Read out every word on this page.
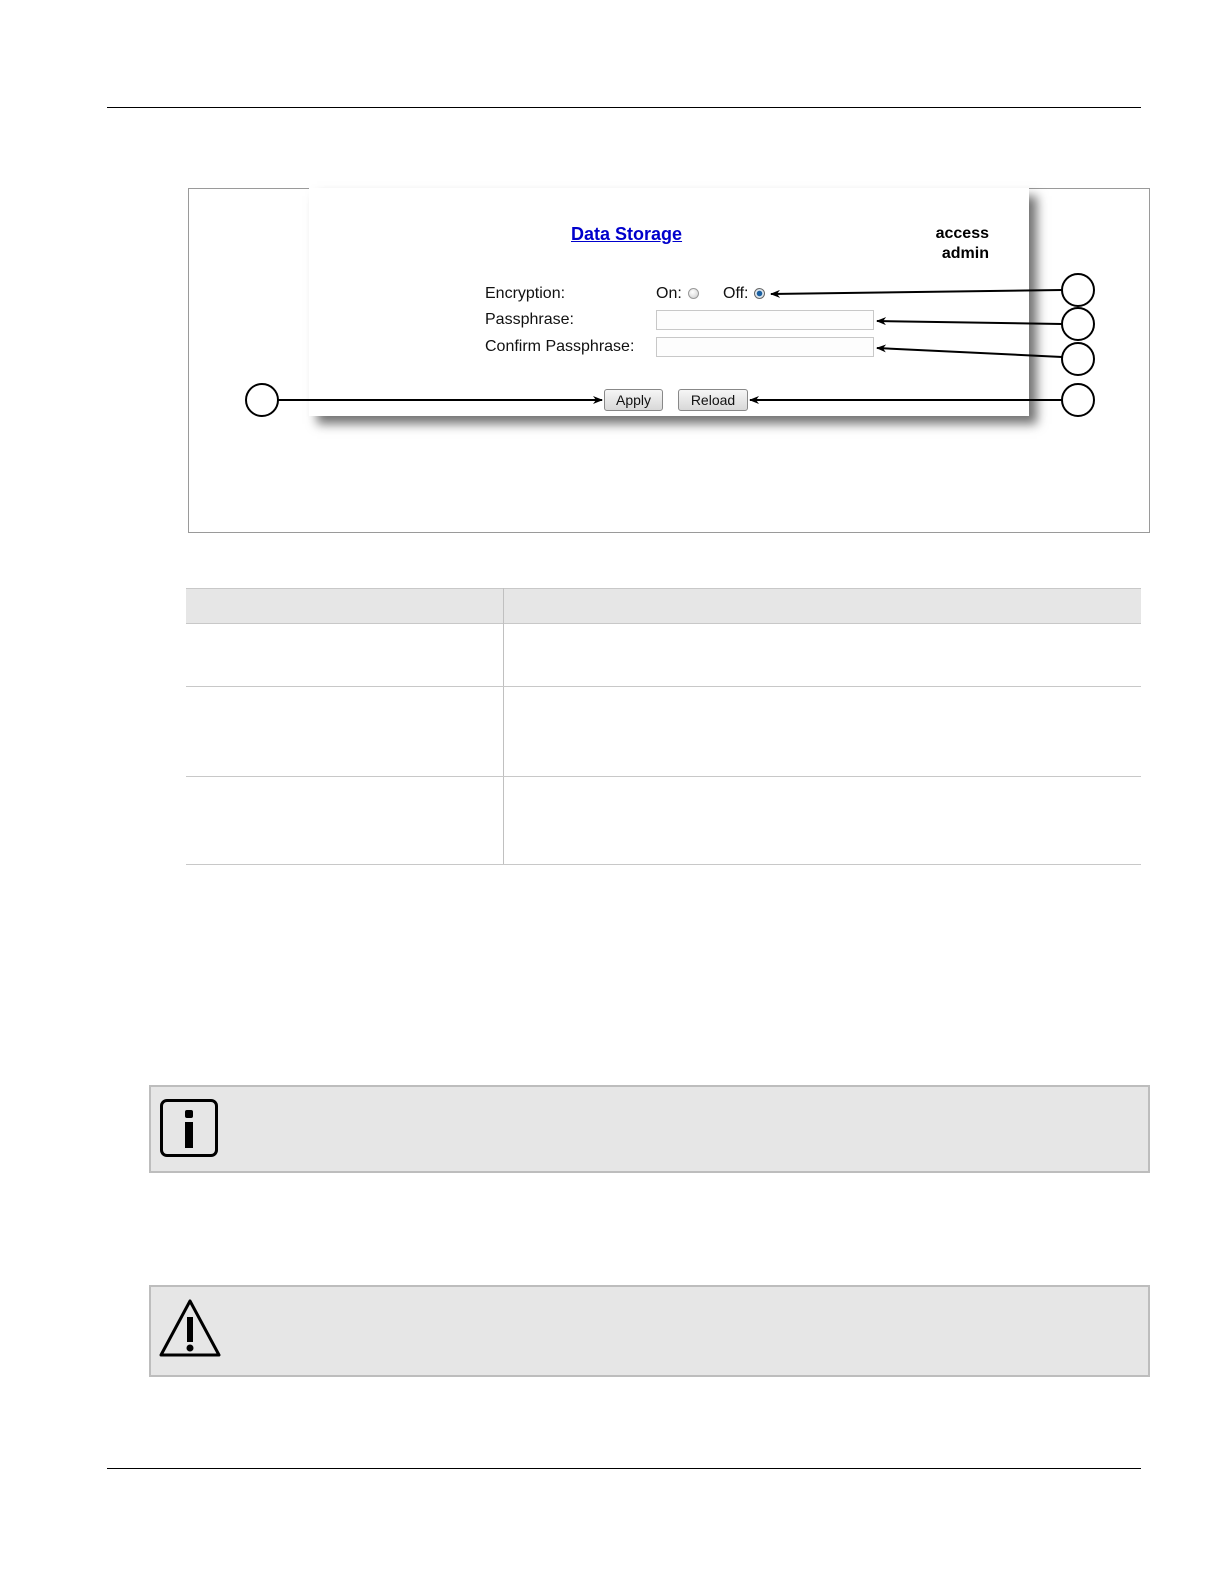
Data Storage	access
admin
Encryption:	On:	Off:
Passphrase:
Confirm Passphrase:
Apply	Reload
